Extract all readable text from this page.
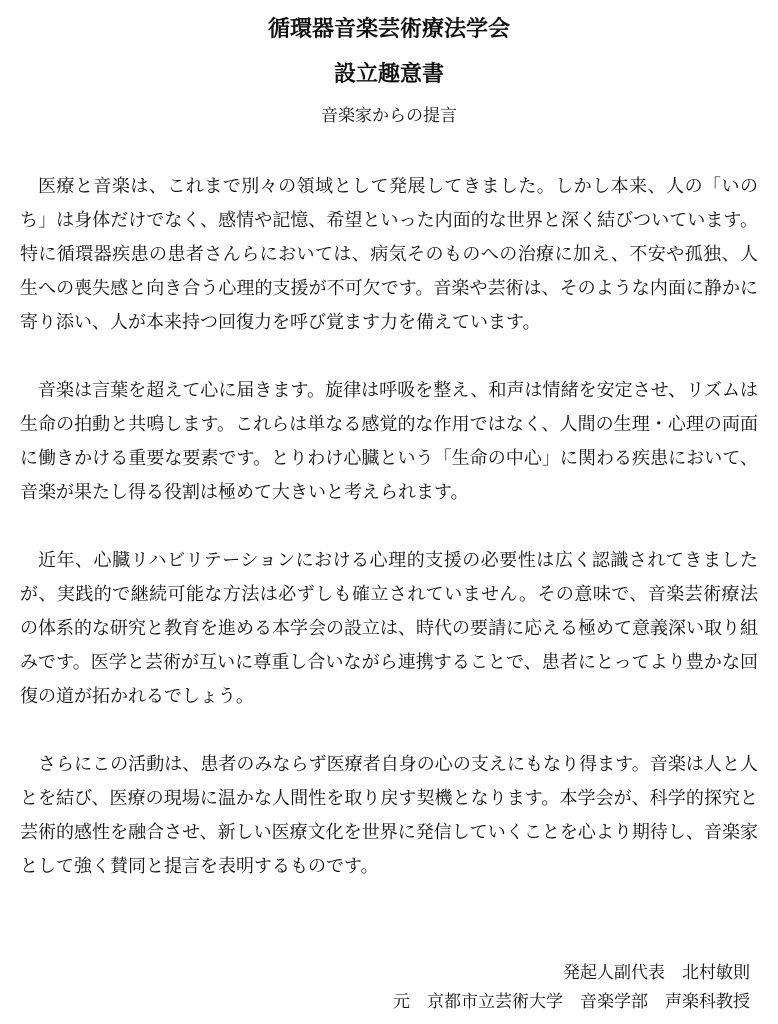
循環器音楽芸術療法学会
設立趣意書

音楽家からの提言

医療と音楽は、これまで別々の領域として発展してきました。しかし本来、人の「いのち」は身体だけでなく、感情や記憶、希望といった内面的な世界と深く結びついています。特に循環器疾患の患者さんらにおいては、病気そのものへの治療に加え、不安や孤独、人生への喪失感と向き合う心理的支援が不可欠です。音楽や芸術は、そのような内面に静かに寄り添い、人が本来持つ回復力を呼び覚ます力を備えています。

音楽は言葉を超えて心に届きます。旋律は呼吸を整え、和声は情緒を安定させ、リズムは生命の拍動と共鳴します。これらは単なる感覚的な作用ではなく、人間の生理・心理の両面に働きかける重要な要素です。とりわけ心臓という「生命の中心」に関わる疾患において、音楽が果たし得る役割は極めて大きいと考えられます。

近年、心臓リハビリテーションにおける心理的支援の必要性は広く認識されてきましたが、実践的で継続可能な方法は必ずしも確立されていません。その意味で、音楽芸術療法の体系的な研究と教育を進める本学会の設立は、時代の要請に応える極めて意義深い取り組みです。医学と芸術が互いに尊重し合いながら連携することで、患者にとってより豊かな回復の道が拓かれるでしょう。

さらにこの活動は、患者のみならず医療者自身の心の支えにもなり得ます。音楽は人と人とを結び、医療の現場に温かな人間性を取り戻す契機となります。本学会が、科学的探究と芸術的感性を融合させ、新しい医療文化を世界に発信していくことを心より期待し、音楽家として強く賛同と提言を表明するものです。

発起人副代表　北村敏則

元　京都市立芸術大学　音楽学部　声楽科教授
